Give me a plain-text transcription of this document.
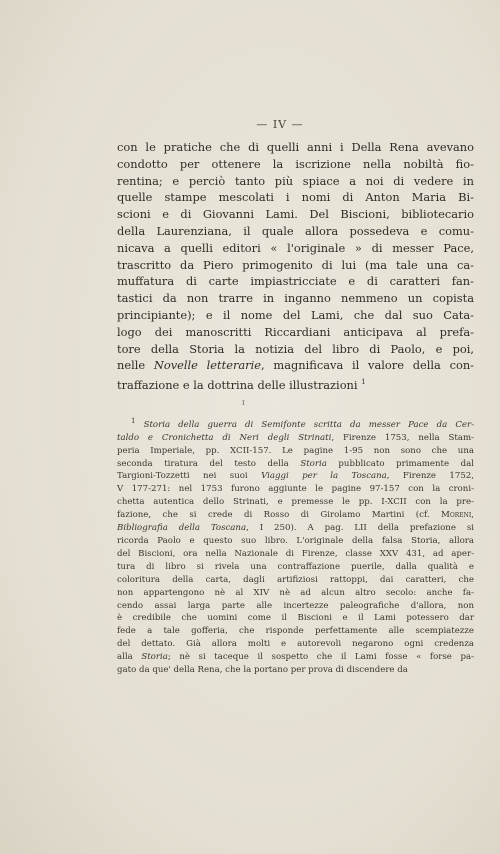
— IV —
con le pratiche che di quelli anni i Della Rena avevano
condotto per ottenere la iscrizione nella nobiltà fio-
rentina; e perciò tanto più spiace a noi di vedere in
quelle stampe mescolati i nomi di Anton Maria Bi-
scioni e di Giovanni Lami. Del Biscioni, bibliotecario
della Laurenziana, il quale allora possedeva e comu-
nicava a quelli editori « l'originale » di messer Pace,
trascritto da Piero primogenito di lui (ma tale una ca-
muffatura di carte impiastricciate e di caratteri fan-
tastici da non trarre in inganno nemmeno un copista
principiante); e il nome del Lami, che dal suo Cata-
logo dei manoscritti Riccardiani anticipava al prefa-
tore della Storia la notizia del libro di Paolo, e poi,
nelle Novelle letterarie, magnificava il valore della con-
traffazione e la dottrina delle illustrazioni $^1$
ɪ
$^1$ Storia della guerra di Semifonte scritta da messer Pace da Cer-
taldo e Cronichetta di Neri degli Strinati, Firenze 1753, nella Stam-
peria Imperiale, pp. XCII-157. Le pagine 1-95 non sono che una
seconda tiratura del testo della Storia pubblicato primamente dal
Targioni-Tozzetti nei suoi Viaggi per la Toscana, Firenze 1752,
V 177-271: nel 1753 furono aggiunte le pagine 97-157 con la croni-
chetta autentica dello Strinati, e premesse le pp. I-XCII con la pre-
fazione, che si crede di Rosso di Girolamo Martini (cf. Moreni,
Bibliografia della Toscana, I 250). A pag. LII della prefazione si
ricorda Paolo e questo suo libro. L'originale della falsa Storia, allora
del Biscioni, ora nella Nazionale di Firenze, classe XXV 431, ad aper-
tura di libro si rivela una contraffazione puerile, dalla qualità e
coloritura della carta, dagli artifiziosi rattoppi, dai caratteri, che
non appartengono nè al XIV nè ad alcun altro secolo: anche fa-
cendo assai larga parte alle incertezze paleografiche d'allora, non
è credibile che uomini come il Biscioni e il Lami potessero dar
fede a tale gofferia, che risponde perfettamente alle scempiatezze
del dettato. Già allora molti e autorevoli negarono ogni credenza
alla Storia; nè si taceque il sospetto che il Lami fosse « forse pa-
gato da que' della Rena, che la portano per prova di discendere da
